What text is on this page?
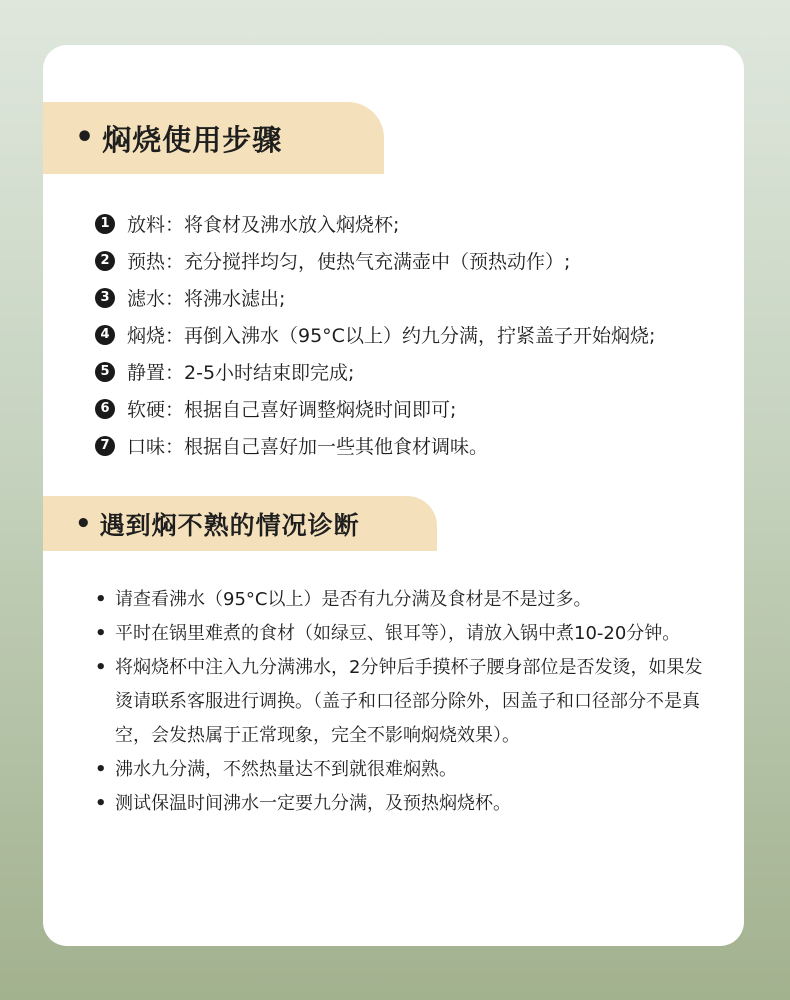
• 焖烧使用步骤
1 放料：将食材及沸水放入焖烧杯;
2 预热：充分搅拌均匀，使热气充满壶中（预热动作）;
3 滤水：将沸水滤出;
4 焖烧：再倒入沸水（95°C以上）约九分满，拧紧盖子开始焖烧;
5 静置：2-5小时结束即完成;
6 软硬：根据自己喜好调整焖烧时间即可;
7 口味：根据自己喜好加一些其他食材调味。
• 遇到焖不熟的情况诊断
• 请查看沸水（95°C以上）是否有九分满及食材是不是过多。
• 平时在锅里难煮的食材（如绿豆、银耳等），请放入锅中煮10-20分钟。
• 将焖烧杯中注入九分满沸水，2分钟后手摸杯子腰身部位是否发烫，如果发烫请联系客服进行调换。（盖子和口径部分除外，因盖子和口径部分不是真空，会发热属于正常现象，完全不影响焖烧效果）。
• 沸水九分满，不然热量达不到就很难焖熟。
• 测试保温时间沸水一定要九分满，及预热焖烧杯。
